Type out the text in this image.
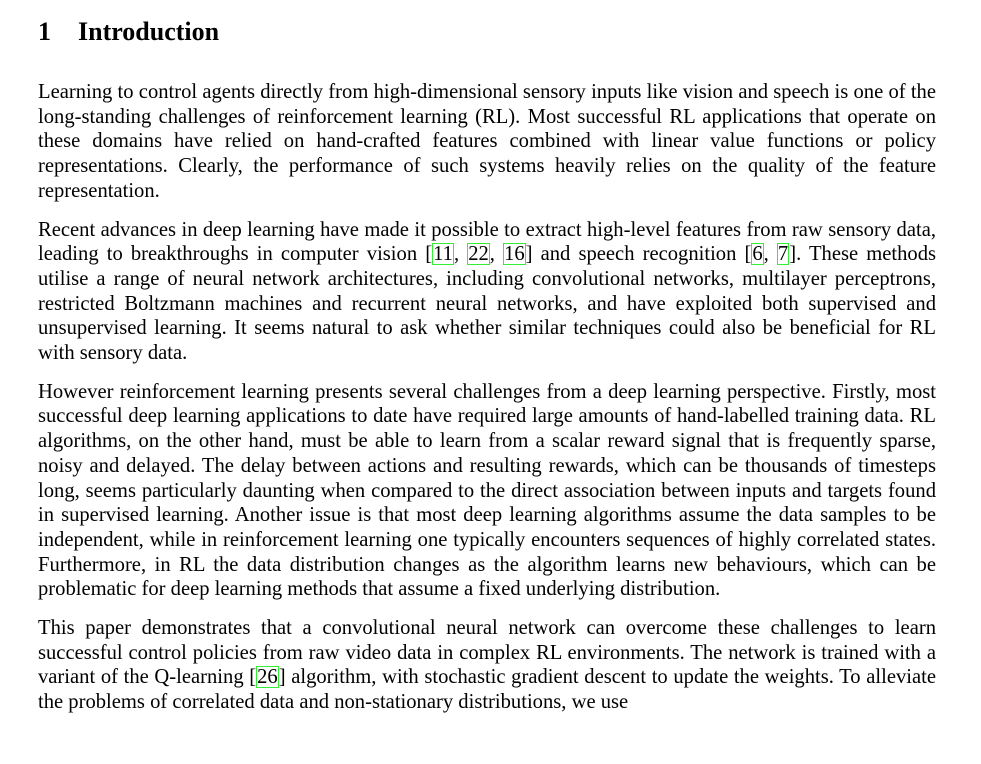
1 Introduction

Learning to control agents directly from high-dimensional sensory inputs like vision and speech is one of the long-standing challenges of reinforcement learning (RL). Most successful RL applications that operate on these domains have relied on hand-crafted features combined with linear value functions or policy representations. Clearly, the performance of such systems heavily relies on the quality of the feature representation.

Recent advances in deep learning have made it possible to extract high-level features from raw sensory data, leading to breakthroughs in computer vision [11, 22, 16] and speech recognition [6, 7]. These methods utilise a range of neural network architectures, including convolutional networks, multilayer perceptrons, restricted Boltzmann machines and recurrent neural networks, and have exploited both supervised and unsupervised learning. It seems natural to ask whether similar techniques could also be beneficial for RL with sensory data.

However reinforcement learning presents several challenges from a deep learning perspective. Firstly, most successful deep learning applications to date have required large amounts of hand-labelled training data. RL algorithms, on the other hand, must be able to learn from a scalar reward signal that is frequently sparse, noisy and delayed. The delay between actions and resulting rewards, which can be thousands of timesteps long, seems particularly daunting when compared to the direct association between inputs and targets found in supervised learning. Another issue is that most deep learning algorithms assume the data samples to be independent, while in reinforcement learning one typically encounters sequences of highly correlated states. Furthermore, in RL the data distribution changes as the algorithm learns new behaviours, which can be problematic for deep learning methods that assume a fixed underlying distribution.

This paper demonstrates that a convolutional neural network can overcome these challenges to learn successful control policies from raw video data in complex RL environments. The network is trained with a variant of the Q-learning [26] algorithm, with stochastic gradient descent to update the weights. To alleviate the problems of correlated data and non-stationary distributions, we use
